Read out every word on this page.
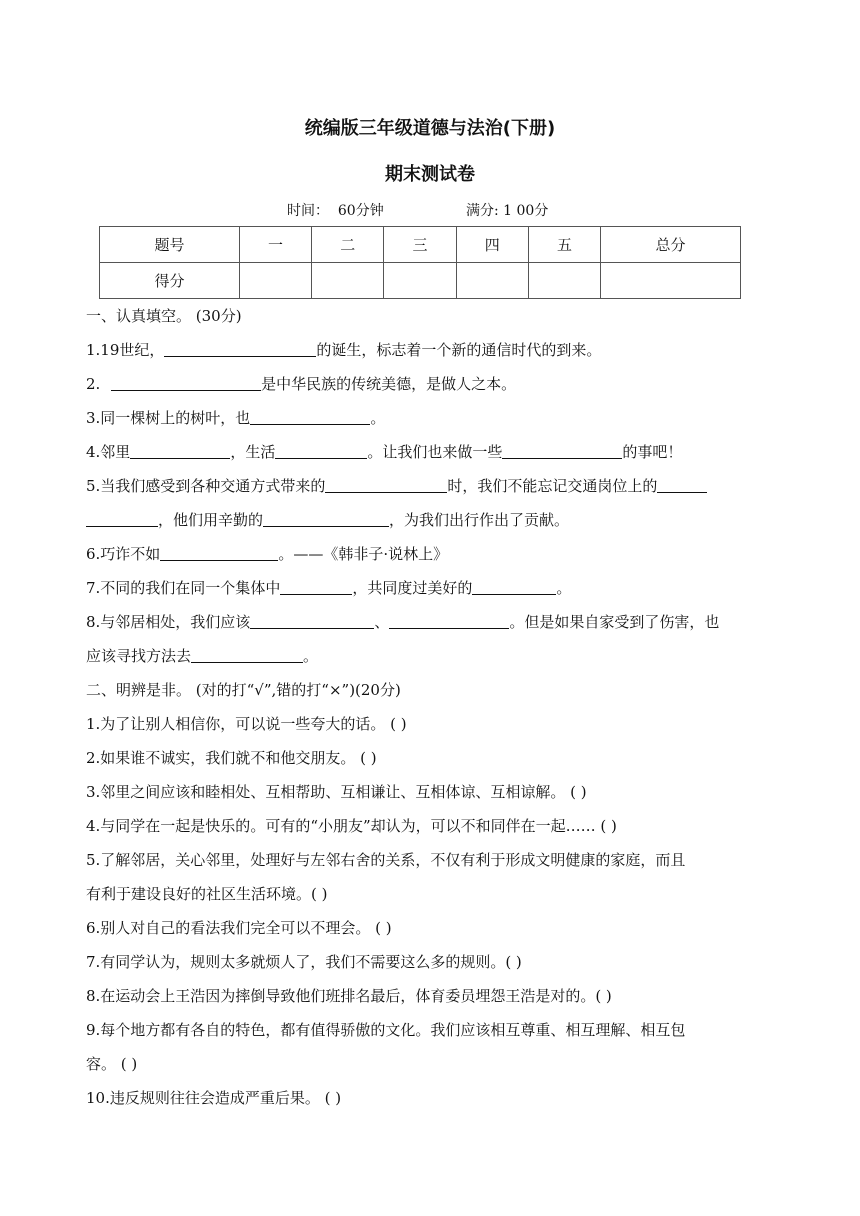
统编版三年级道德与法治(下册)
期末测试卷
时间：  60分钟	满分: 1 00分
题号	一	二	三	四	五	总分
得分						
一、认真填空。 (30分)
1.19世纪，	的诞生，标志着一个新的通信时代的到来。
2.	是中华民族的传统美德，是做人之本。
3.同一棵树上的树叶，也	。
4.邻里	，生活	。让我们也来做一些	的事吧！
5.当我们感受到各种交通方式带来的	时，我们不能忘记交通岗位上的
，他们用辛勤的	，为我们出行作出了贡献。
6.巧诈不如	。——《韩非子·说林上》
7.不同的我们在同一个集体中	，共同度过美好的	。
8.与邻居相处，我们应该	、	。但是如果自家受到了伤害，也
应该寻找方法去	。
二、明辨是非。 (对的打“√”,错的打“×”)(20分)
1.为了让别人相信你，可以说一些夸大的话。 ( )
2.如果谁不诚实，我们就不和他交朋友。 ( )
3.邻里之间应该和睦相处、互相帮助、互相谦让、互相体谅、互相谅解。 ( )
4.与同学在一起是快乐的。可有的“小朋友”却认为，可以不和同伴在一起…… ( )
5.了解邻居，关心邻里，处理好与左邻右舍的关系，不仅有利于形成文明健康的家庭，而且
有利于建设良好的社区生活环境。( )
6.别人对自己的看法我们完全可以不理会。 ( )
7.有同学认为，规则太多就烦人了，我们不需要这么多的规则。( )
8.在运动会上王浩因为摔倒导致他们班排名最后，体育委员埋怨王浩是对的。( )
9.每个地方都有各自的特色，都有值得骄傲的文化。我们应该相互尊重、相互理解、相互包
容。 ( )
10.违反规则往往会造成严重后果。 ( )
